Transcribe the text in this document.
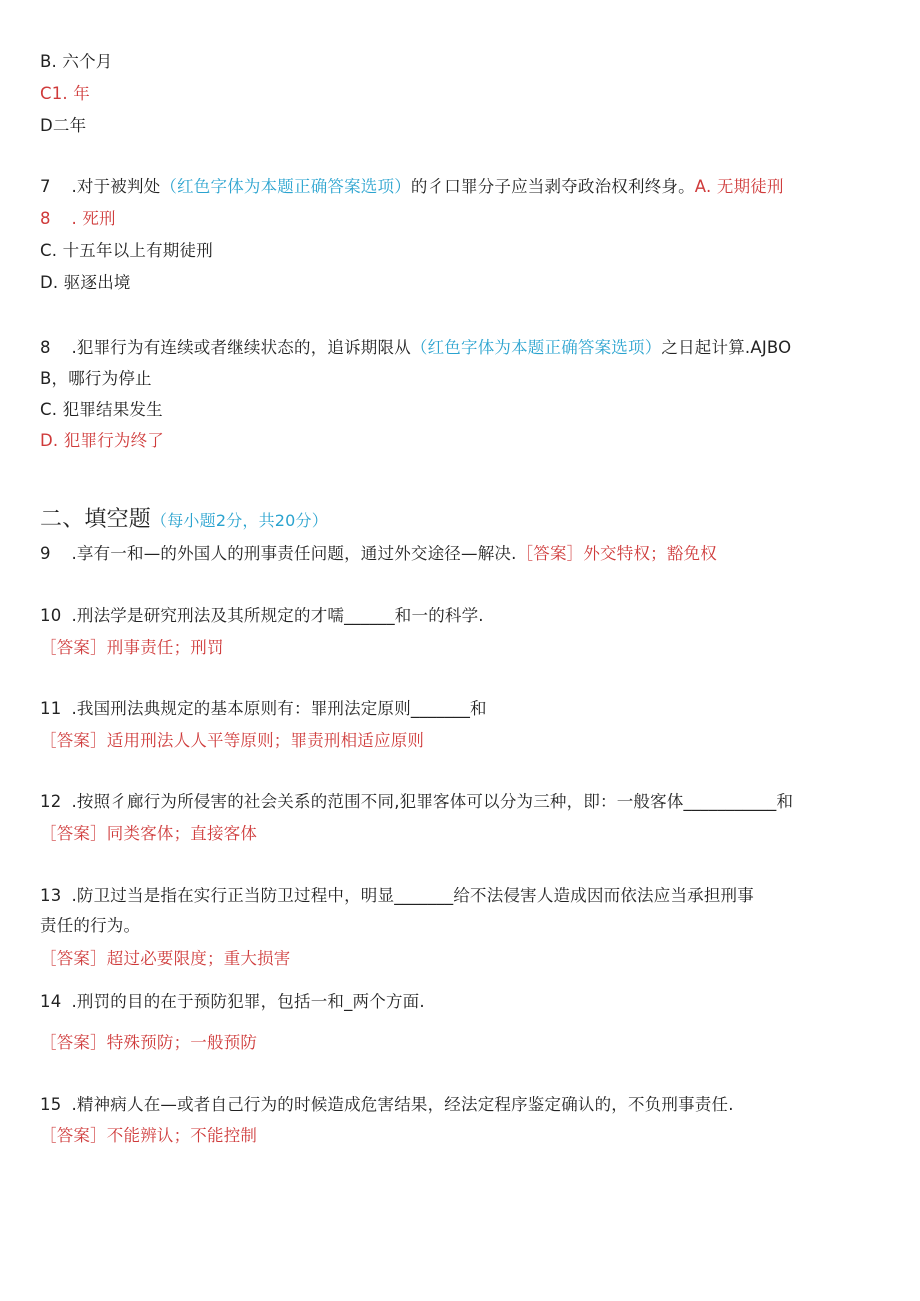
B. 六个月
C1. 年
D二年
7 .对于被判处（红色字体为本题正确答案选项）的彳口罪分子应当剥夺政治权利终身。A. 无期徒刑
8 . 死刑
C. 十五年以上有期徒刑
D. 驱逐出境
8 .犯罪行为有连续或者继续状态的，追诉期限从（红色字体为本题正确答案选项）之日起计算.AJBO
B，哪行为停止
C. 犯罪结果发生
D. 犯罪行为终了
二、填空题（每小题2分，共20分）
9 .享有一和—的外国人的刑事责任问题，通过外交途径—解决.［答案］外交特权；豁免权
10 .刑法学是研究刑法及其所规定的才嚅______和一的科学.
［答案］刑事责任；刑罚
11 .我国刑法典规定的基本原则有：罪刑法定原则_______和
［答案］适用刑法人人平等原则；罪责刑相适应原则
12 .按照彳廊行为所侵害的社会关系的范围不同,犯罪客体可以分为三种，即：一般客体___________和
［答案］同类客体；直接客体
13 .防卫过当是指在实行正当防卫过程中，明显_______给不法侵害人造成因而依法应当承担刑事
责任的行为。
［答案］超过必要限度；重大损害
14 .刑罚的目的在于预防犯罪，包括一和_两个方面.
［答案］特殊预防；一般预防
15 .精神病人在—或者自己行为的时候造成危害结果，经法定程序鉴定确认的，不负刑事责任.
［答案］不能辨认；不能控制
